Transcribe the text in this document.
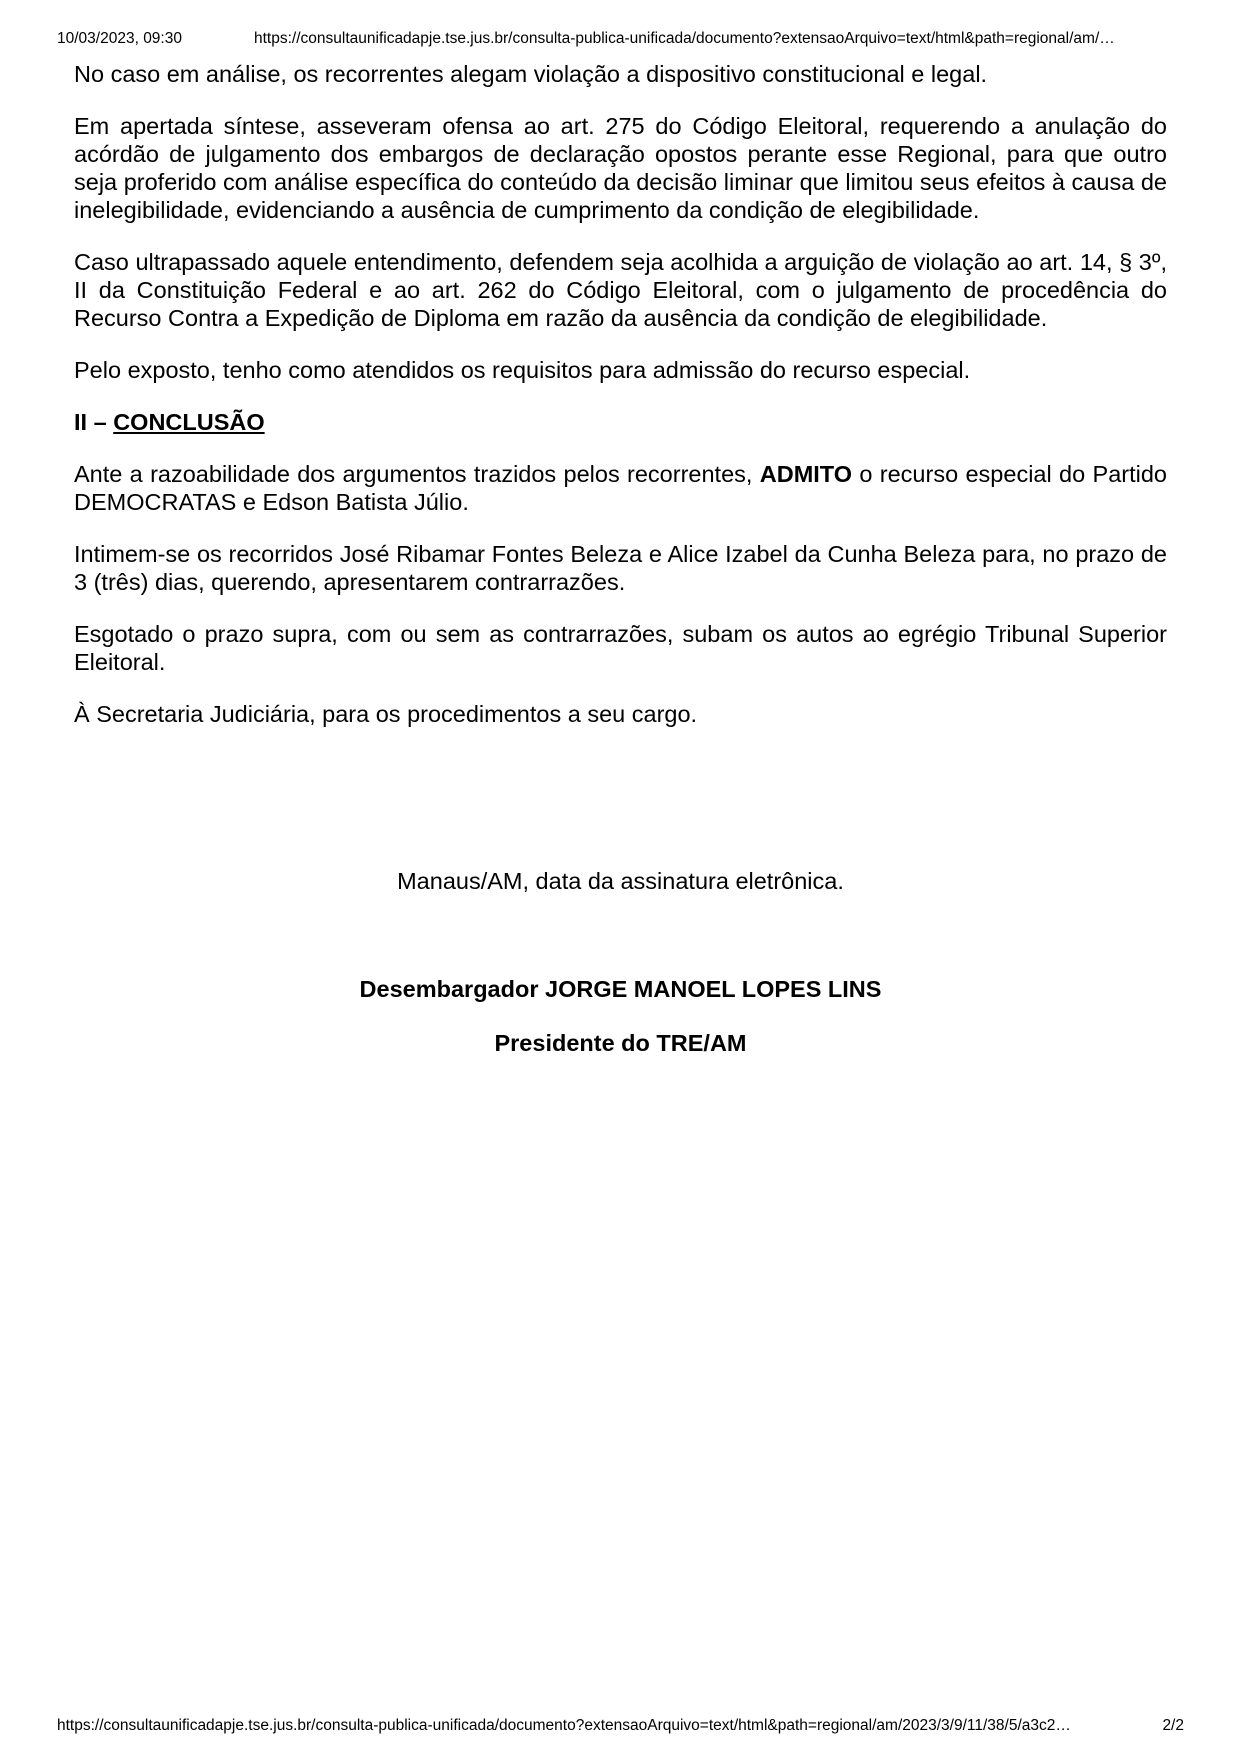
10/03/2023, 09:30	https://consultaunificadapje.tse.jus.br/consulta-publica-unificada/documento?extensaoArquivo=text/html&path=regional/am/…

No caso em análise, os recorrentes alegam violação a dispositivo constitucional e legal.

Em apertada síntese, asseveram ofensa ao art. 275 do Código Eleitoral, requerendo a anulação do acórdão de julgamento dos embargos de declaração opostos perante esse Regional, para que outro seja proferido com análise específica do conteúdo da decisão liminar que limitou seus efeitos à causa de inelegibilidade, evidenciando a ausência de cumprimento da condição de elegibilidade.

Caso ultrapassado aquele entendimento, defendem seja acolhida a arguição de violação ao art. 14, § 3º, II da Constituição Federal e ao art. 262 do Código Eleitoral, com o julgamento de procedência do Recurso Contra a Expedição de Diploma em razão da ausência da condição de elegibilidade.

Pelo exposto, tenho como atendidos os requisitos para admissão do recurso especial.

II – CONCLUSÃO

Ante a razoabilidade dos argumentos trazidos pelos recorrentes, ADMITO o recurso especial do Partido DEMOCRATAS e Edson Batista Júlio.

Intimem-se os recorridos José Ribamar Fontes Beleza e Alice Izabel da Cunha Beleza para, no prazo de 3 (três) dias, querendo, apresentarem contrarrazões.

Esgotado o prazo supra, com ou sem as contrarrazões, subam os autos ao egrégio Tribunal Superior Eleitoral.

À Secretaria Judiciária, para os procedimentos a seu cargo.

Manaus/AM, data da assinatura eletrônica.
Desembargador JORGE MANOEL LOPES LINS
Presidente do TRE/AM
https://consultaunificadapje.tse.jus.br/consulta-publica-unificada/documento?extensaoArquivo=text/html&path=regional/am/2023/3/9/11/38/5/a3c2…	2/2
